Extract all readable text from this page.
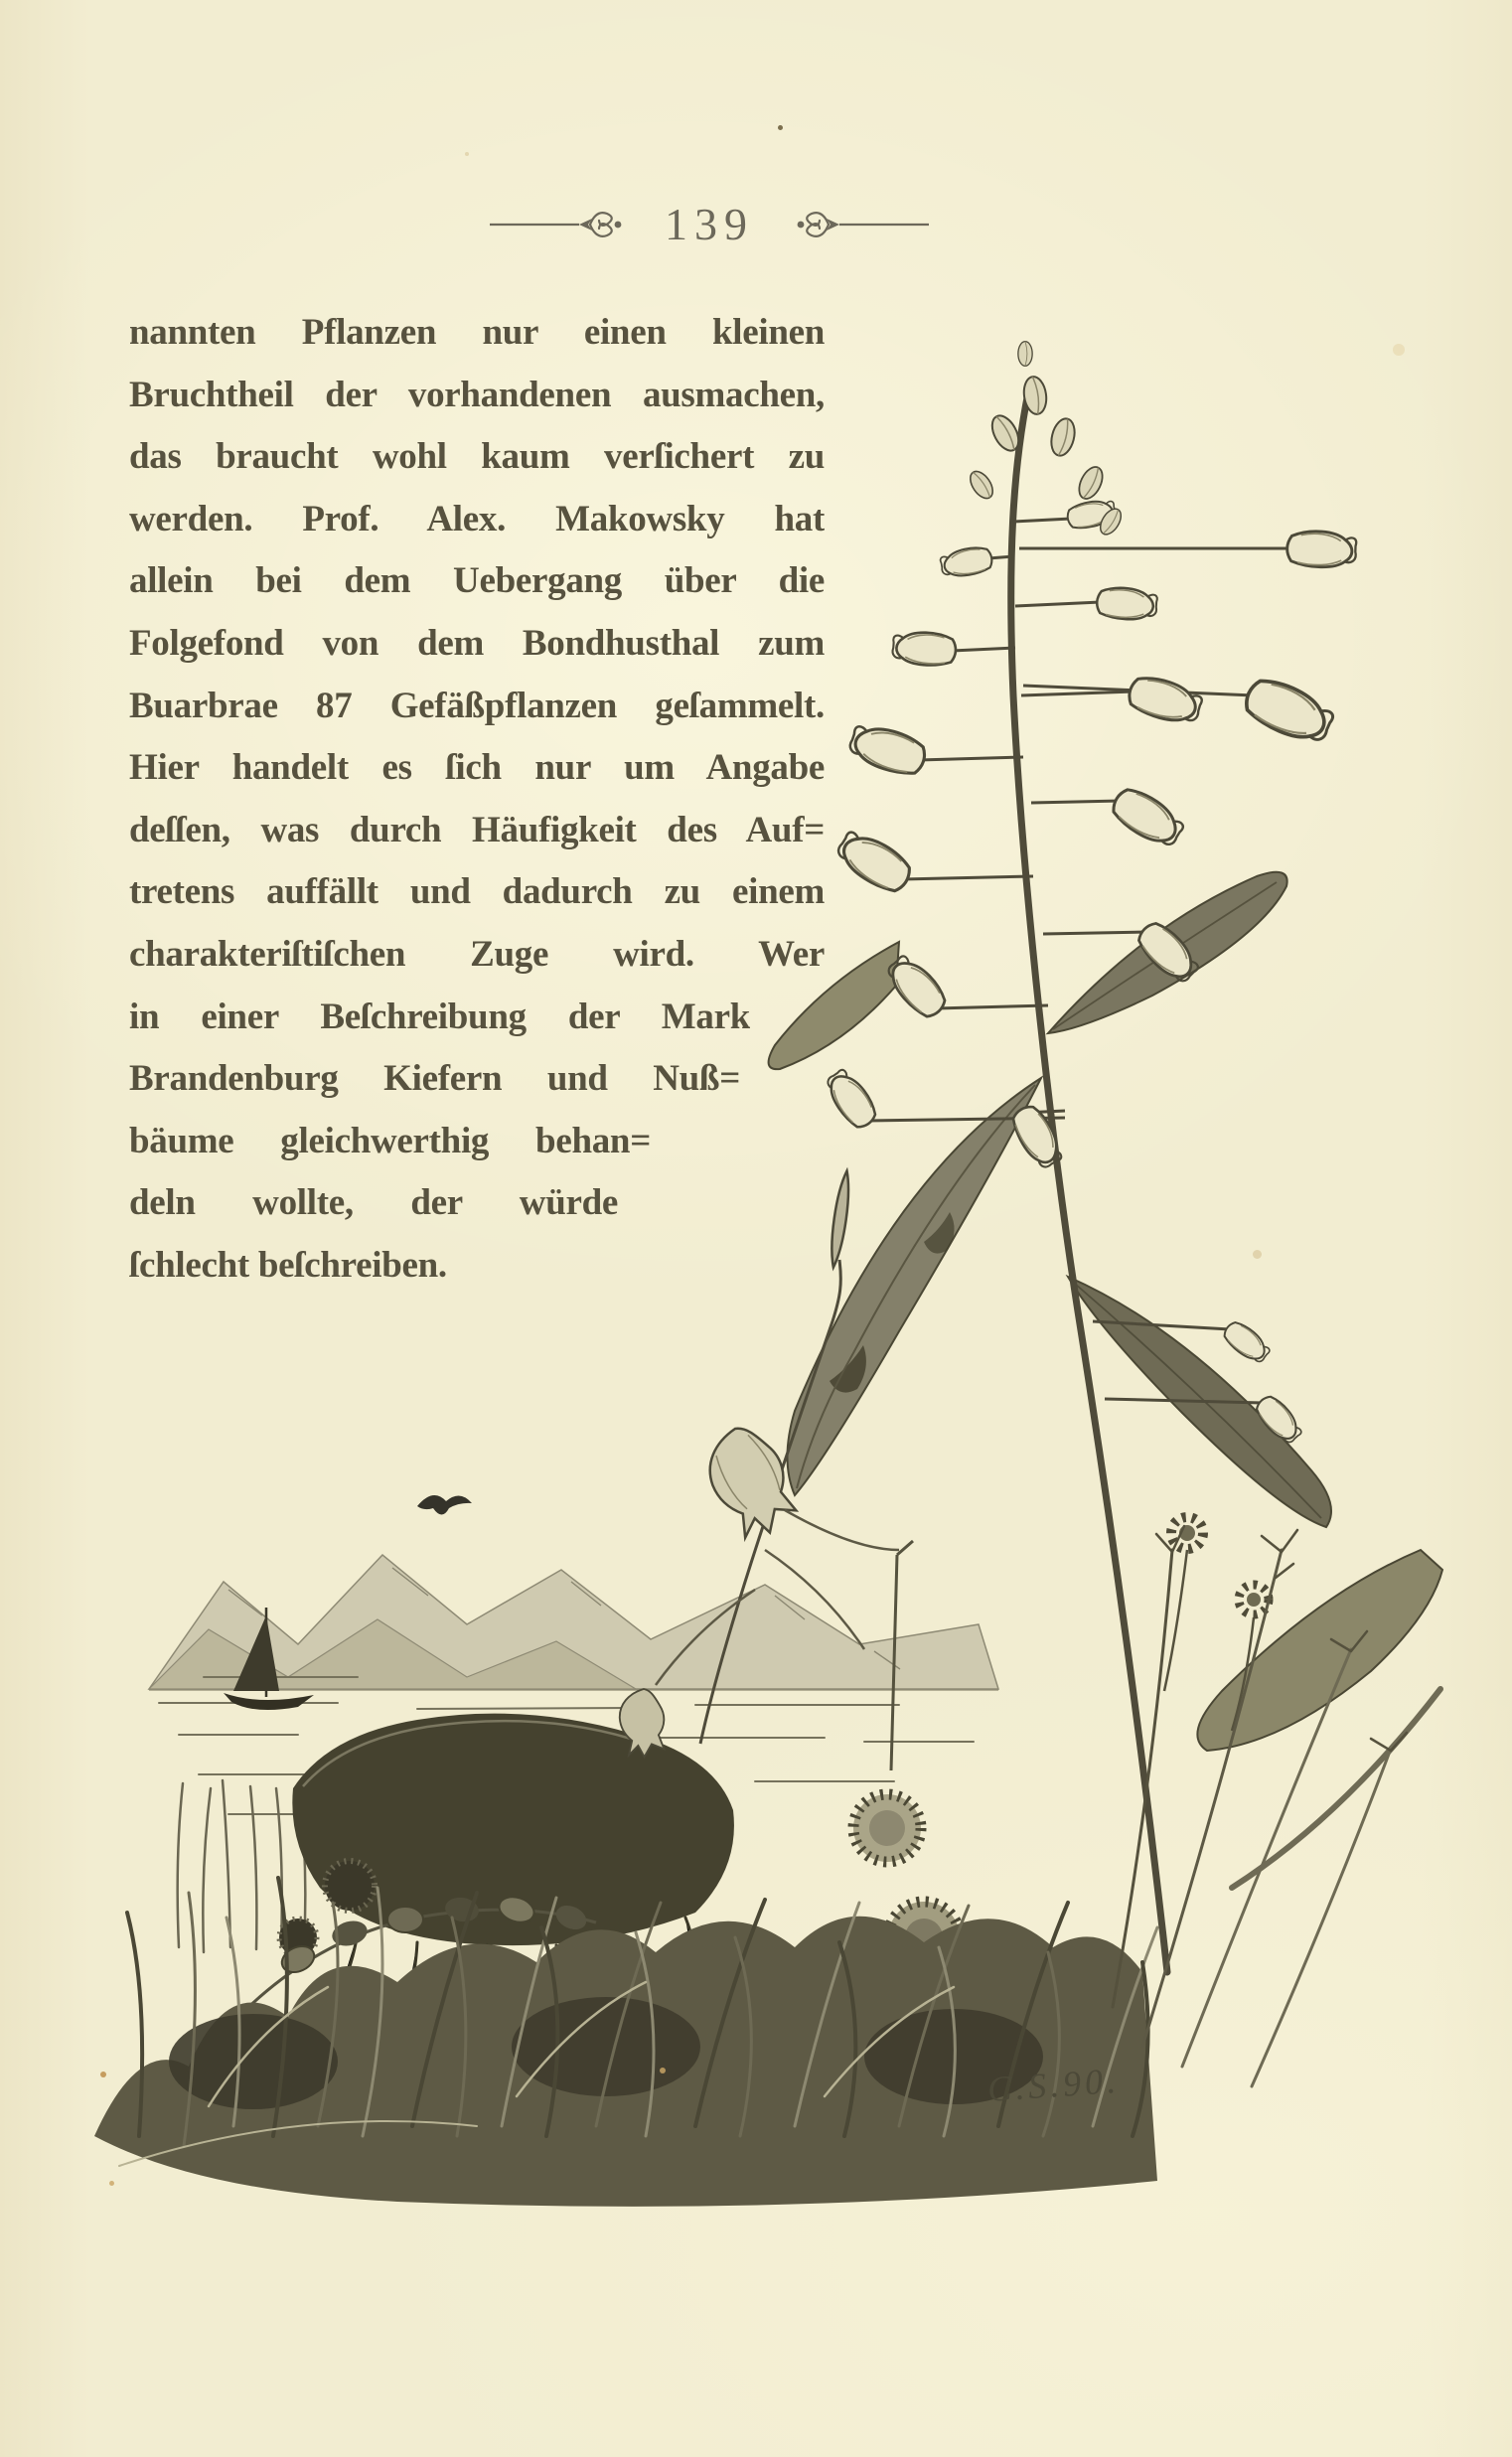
139
nannten Pflanzen nur einen kleinen
Bruchtheil der vorhandenen ausmachen,
das braucht wohl kaum verſichert zu
werden. Prof. Alex. Makowsky hat
allein bei dem Uebergang über die
Folgefond von dem Bondhusthal zum
Buarbrae 87 Gefäßpflanzen geſammelt.
Hier handelt es ſich nur um Angabe
deſſen, was durch Häufigkeit des Auf=
tretens auffällt und dadurch zu einem
charakteriſtiſchen Zuge wird. Wer
in einer Beſchreibung der Mark
Brandenburg Kiefern und Nuß=
bäume gleichwerthig behan=
deln wollte, der würde
ſchlecht beſchreiben.
C.S.90.
